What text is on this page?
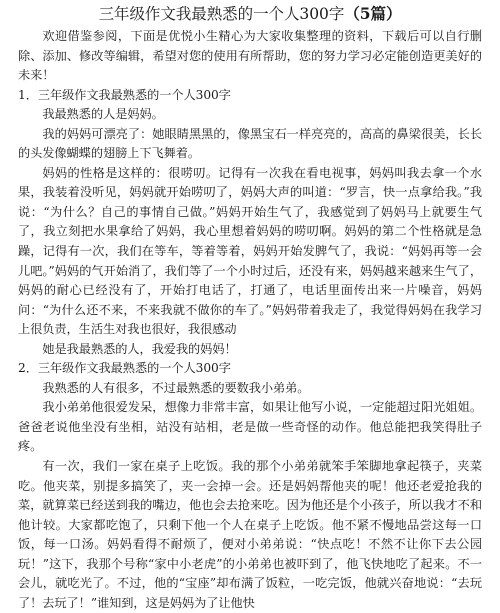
三年级作文我最熟悉的一个人300字（5篇）

欢迎借鉴参阅，下面是优悦小生精心为大家收集整理的资料，下载后可以自行删除、添加、修改等编辑，希望对您的使用有所帮助，您的努力学习必定能创造更美好的未来！

1．三年级作文我最熟悉的一个人300字

我最熟悉的人是妈妈。

我的妈妈可漂亮了：她眼睛黑黑的，像黑宝石一样亮亮的，高高的鼻梁很美，长长的头发像蝴蝶的翅膀上下飞舞着。

妈妈的性格是这样的：很唠叨。记得有一次我在看电视事，妈妈叫我去拿一个水果，我装着没听见，妈妈就开始唠叨了，妈妈大声的叫道：“罗言，快一点拿给我。”我说：“为什么？自己的事情自己做。”妈妈开始生气了，我感觉到了妈妈马上就要生气了，我立刻把水果拿给了妈妈，我心里想着妈妈的唠叨啊。妈妈的第二个性格就是急躁，记得有一次，我们在等车，等着等着，妈妈开始发脾气了，我说：“妈妈再等一会儿吧。”妈妈的气开始消了，我们等了一个小时过后，还没有来，妈妈越来越来生气了，妈妈的耐心已经没有了，开始打电话了，打通了，电话里面传出来一片噪音，妈妈问：“为什么还不来，不来我就不做你的车了。”妈妈带着我走了，我觉得妈妈在我学习上很负责，生活生对我也很好，我很感动

她是我最熟悉的人，我爱我的妈妈！

2．三年级作文我最熟悉的一个人300字

我熟悉的人有很多，不过最熟悉的要数我小弟弟。

我小弟弟他很爱发呆，想像力非常丰富，如果让他写小说，一定能超过阳光姐姐。爸爸老说他坐没有坐相，站没有站相，老是做一些奇怪的动作。他总能把我笑得肚子疼。

有一次，我们一家在桌子上吃饭。我的那个小弟弟就笨手笨脚地拿起筷子，夹菜吃。他夹菜，别提多搞笑了，夹一会掉一会。还是妈妈帮他夹的呢！他还老爱抢我的菜，就算菜已经送到我的嘴边，他也会去抢来吃。因为他还是个小孩子，所以我才不和他计较。大家都吃饱了，只剩下他一个人在桌子上吃饭。他不紧不慢地品尝这每一口饭，每一口汤。妈妈看得不耐烦了，便对小弟弟说：“快点吃！不然不让你下去公园玩！”这下，我那个号称“家中小老虎”的小弟弟也被吓到了，他飞快地吃了起来。不一会儿，就吃光了。不过，他的“宝座”却布满了饭粒，一吃完饭，他就兴奋地说：“去玩了！去玩了！”谁知到，这是妈妈为了让他快
